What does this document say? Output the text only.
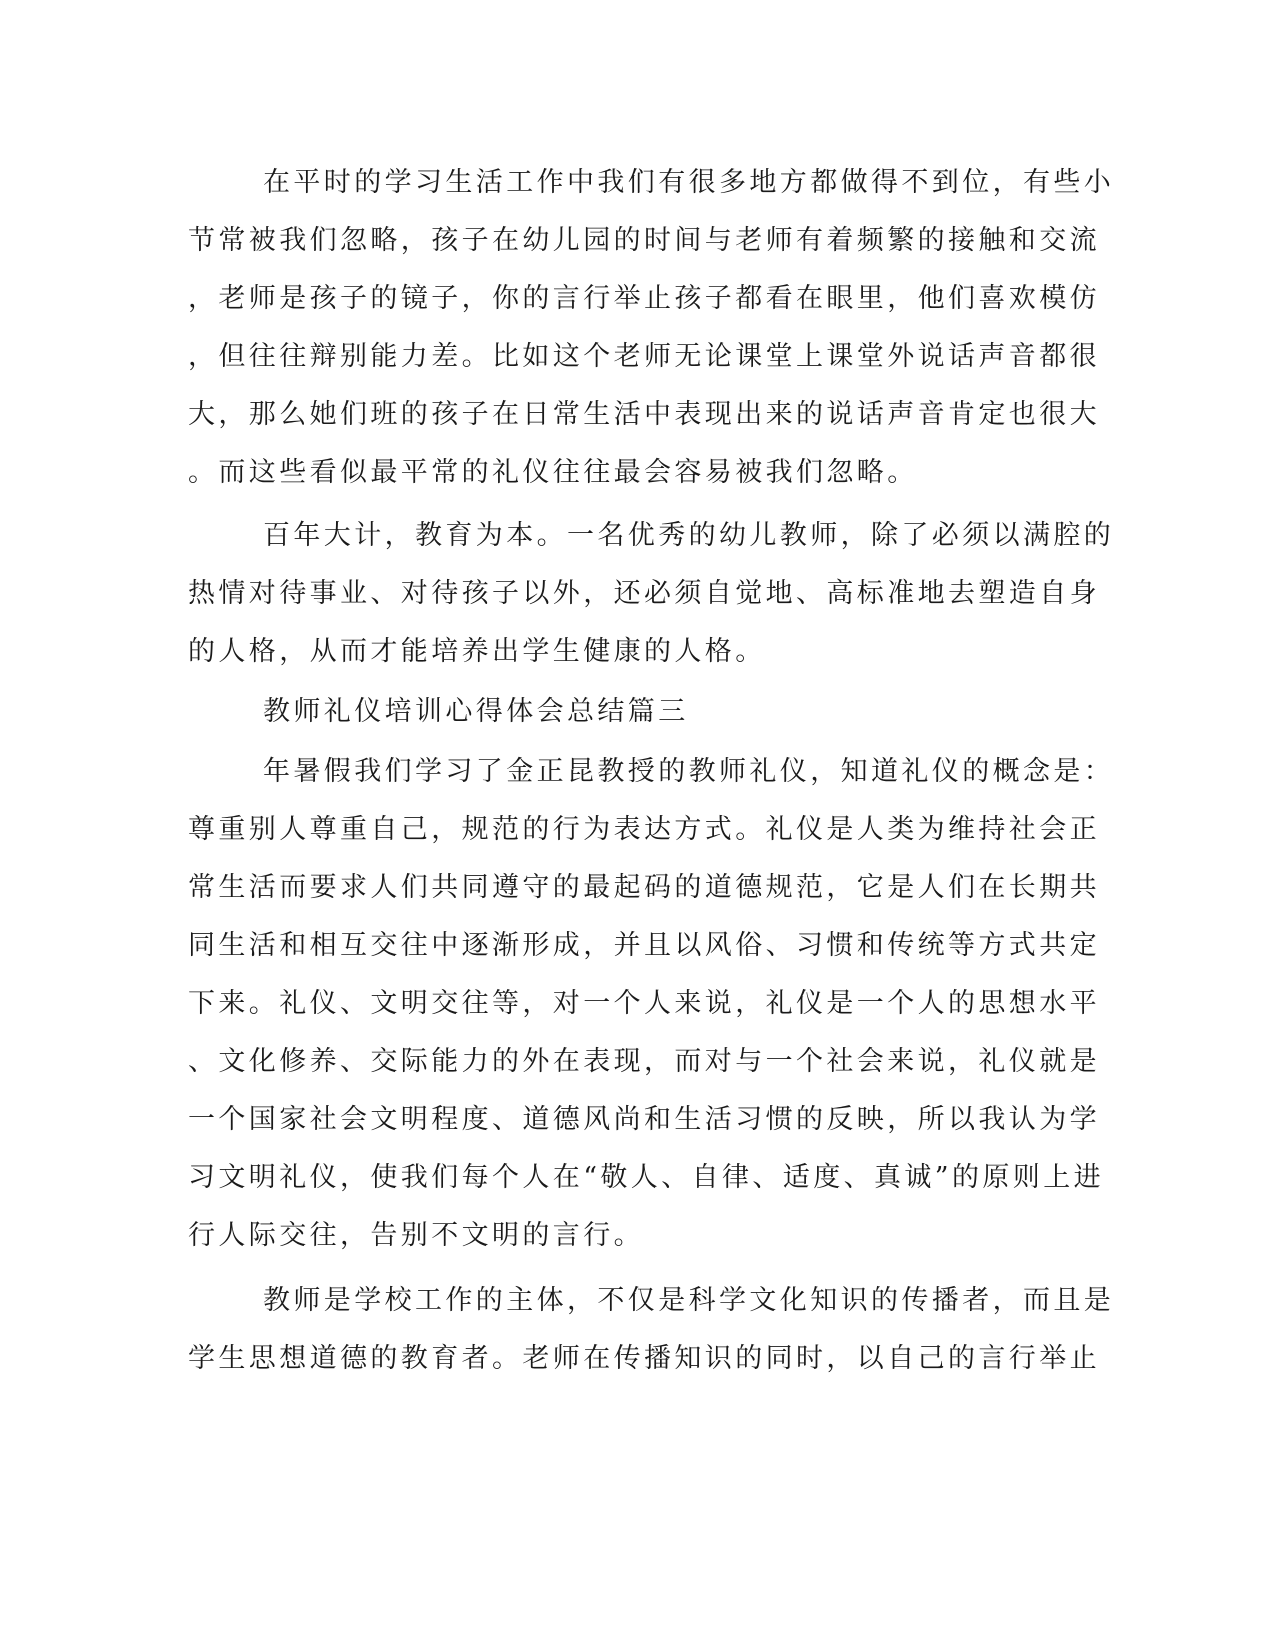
在平时的学习生活工作中我们有很多地方都做得不到位，有些小
节常被我们忽略，孩子在幼儿园的时间与老师有着频繁的接触和交流
，老师是孩子的镜子，你的言行举止孩子都看在眼里，他们喜欢模仿
，但往往辩别能力差。比如这个老师无论课堂上课堂外说话声音都很
大，那么她们班的孩子在日常生活中表现出来的说话声音肯定也很大
。而这些看似最平常的礼仪往往最会容易被我们忽略。
百年大计，教育为本。一名优秀的幼儿教师，除了必须以满腔的
热情对待事业、对待孩子以外，还必须自觉地、高标准地去塑造自身
的人格，从而才能培养出学生健康的人格。
教师礼仪培训心得体会总结篇三
年暑假我们学习了金正昆教授的教师礼仪，知道礼仪的概念是：
尊重别人尊重自己，规范的行为表达方式。礼仪是人类为维持社会正
常生活而要求人们共同遵守的最起码的道德规范，它是人们在长期共
同生活和相互交往中逐渐形成，并且以风俗、习惯和传统等方式共定
下来。礼仪、文明交往等，对一个人来说，礼仪是一个人的思想水平
、文化修养、交际能力的外在表现，而对与一个社会来说，礼仪就是
一个国家社会文明程度、道德风尚和生活习惯的反映，所以我认为学
习文明礼仪，使我们每个人在“敬人、自律、适度、真诚”的原则上进
行人际交往，告别不文明的言行。
教师是学校工作的主体，不仅是科学文化知识的传播者，而且是
学生思想道德的教育者。老师在传播知识的同时，以自己的言行举止
